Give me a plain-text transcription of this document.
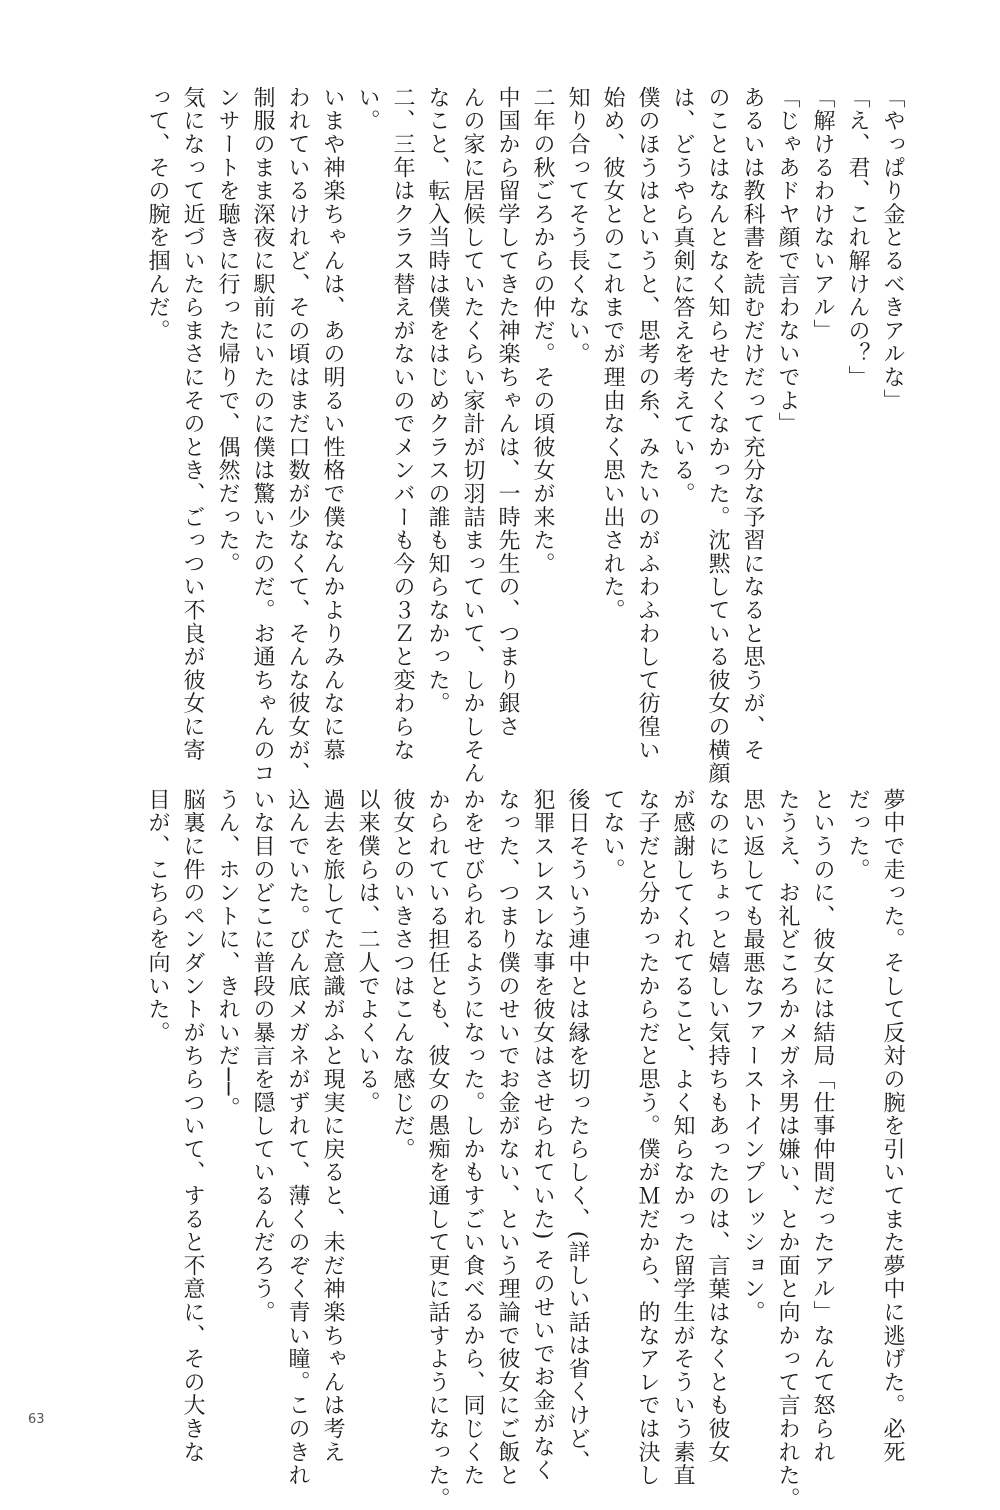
「やっぱり金とるべきアルな」

「え、君、これ解けんの？」

「解けるわけないアル」

「じゃあドヤ顔で言わないでよ」

あるいは教科書を読むだけだって充分な予習になると思うが、そ

のことはなんとなく知らせたくなかった。沈黙している彼女の横顔

は、どうやら真剣に答えを考えている。

僕のほうはというと、思考の糸、みたいのがふわふわして彷徨い

始め、彼女とのこれまでが理由なく思い出された。

知り合ってそう長くない。

二年の秋ごろからの仲だ。その頃彼女が来た。

中国から留学してきた神楽ちゃんは、一時先生の、つまり銀さ

んの家に居候していたくらい家計が切羽詰まっていて、しかしそん

なこと、転入当時は僕をはじめクラスの誰も知らなかった。

二、三年はクラス替えがないのでメンバーも今の３Ｚと変わらな

い。

いまや神楽ちゃんは、あの明るい性格で僕なんかよりみんなに慕

われているけれど、その頃はまだ口数が少なくて、そんな彼女が、

制服のまま深夜に駅前にいたのに僕は驚いたのだ。お通ちゃんのコ

ンサートを聴きに行った帰りで、偶然だった。

気になって近づいたらまさにそのとき、ごっつい不良が彼女に寄

って、その腕を掴んだ。

夢中で走った。そして反対の腕を引いてまた夢中に逃げた。必死

だった。

というのに、彼女には結局「仕事仲間だったアル」なんて怒られ

たうえ、お礼どころかメガネ男は嫌い、とか面と向かって言われた。

思い返しても最悪なファーストインプレッション。

なのにちょっと嬉しい気持ちもあったのは、言葉はなくとも彼女

が感謝してくれてること、よく知らなかった留学生がそういう素直

な子だと分かったからだと思う。僕がＭだから、的なアレでは決し

てない。

後日そういう連中とは縁を切ったらしく、(詳しい話は省くけど、

犯罪スレスレな事を彼女はさせられていた) そのせいでお金がなく

なった、つまり僕のせいでお金がない、という理論で彼女にご飯と

かをせびられるようになった。しかもすごい食べるから、同じくた

かられている担任とも、彼女の愚痴を通して更に話すようになった。

彼女とのいきさつはこんな感じだ。

以来僕らは、二人でよくいる。

過去を旅してた意識がふと現実に戻ると、未だ神楽ちゃんは考え

込んでいた。びん底メガネがずれて、薄くのぞく青い瞳。このきれ

いな目のどこに普段の暴言を隠しているんだろう。

うん、ホントに、きれいだ──。

脳裏に件のペンダントがちらついて、すると不意に、その大きな

目が、こちらを向いた。

63
